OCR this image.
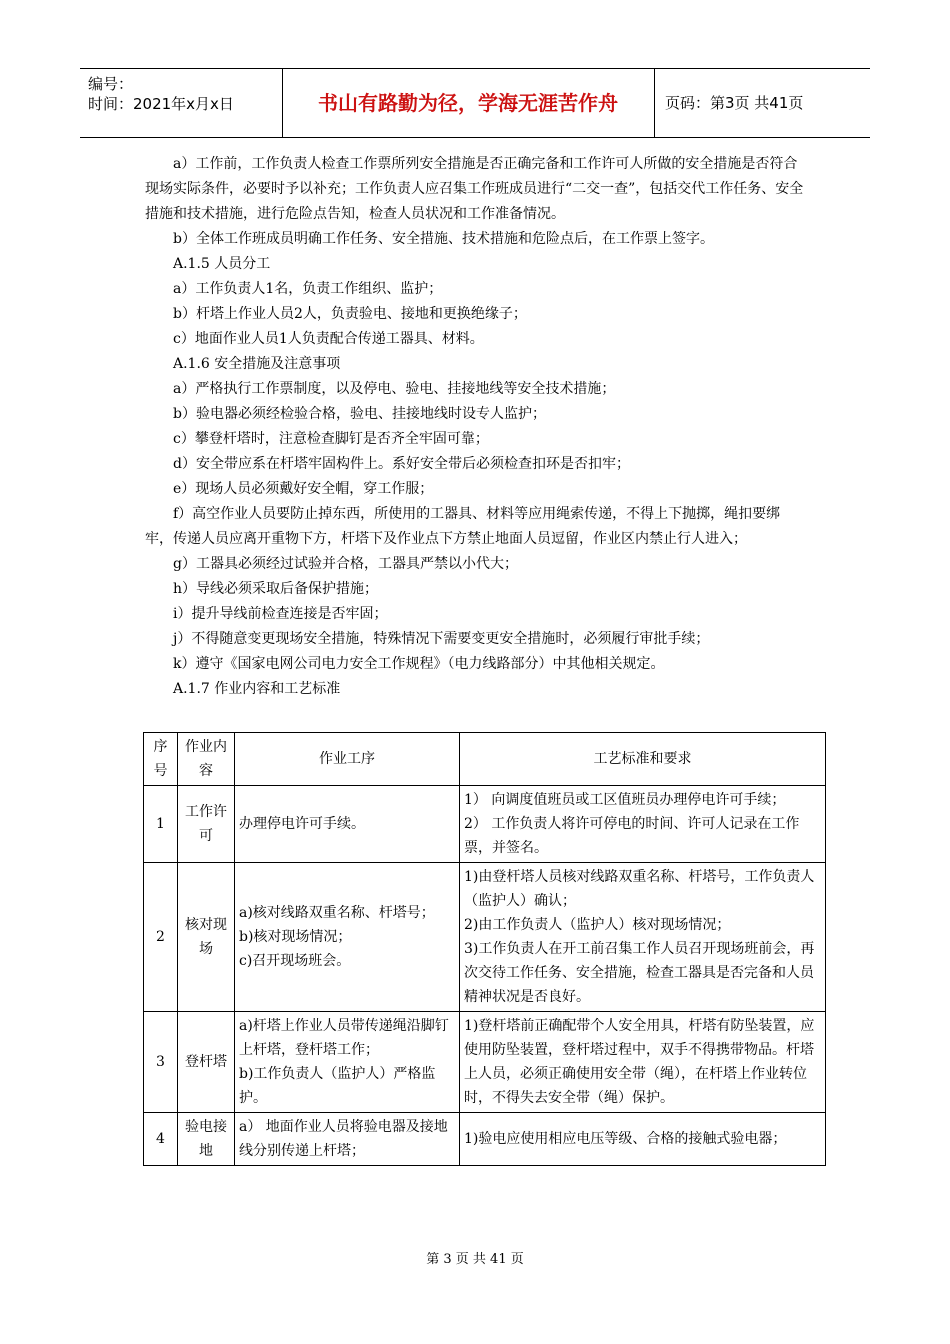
编号：
时间：2021年x月x日	书山有路勤为径，学海无涯苦作舟	页码：第3页 共41页

a）工作前，工作负责人检查工作票所列安全措施是否正确完备和工作许可人所做的安全措施是否符合现场实际条件，必要时予以补充；工作负责人应召集工作班成员进行“二交一查”，包括交代工作任务、安全措施和技术措施，进行危险点告知，检查人员状况和工作准备情况。

b）全体工作班成员明确工作任务、安全措施、技术措施和危险点后，在工作票上签字。

A.1.5 人员分工

a）工作负责人1名，负责工作组织、监护；

b）杆塔上作业人员2人，负责验电、接地和更换绝缘子；

c）地面作业人员1人负责配合传递工器具、材料。

A.1.6 安全措施及注意事项

a）严格执行工作票制度，以及停电、验电、挂接地线等安全技术措施；

b）验电器必须经检验合格，验电、挂接地线时设专人监护；

c）攀登杆塔时，注意检查脚钉是否齐全牢固可靠；

d）安全带应系在杆塔牢固构件上。系好安全带后必须检查扣环是否扣牢；

e）现场人员必须戴好安全帽，穿工作服；

f）高空作业人员要防止掉东西，所使用的工器具、材料等应用绳索传递，不得上下抛掷，绳扣要绑牢，传递人员应离开重物下方，杆塔下及作业点下方禁止地面人员逗留，作业区内禁止行人进入；

g）工器具必须经过试验并合格，工器具严禁以小代大；

h）导线必须采取后备保护措施；

i）提升导线前检查连接是否牢固；

j）不得随意变更现场安全措施，特殊情况下需要变更安全措施时，必须履行审批手续；

k）遵守《国家电网公司电力安全工作规程》（电力线路部分）中其他相关规定。

A.1.7 作业内容和工艺标准

序号	作业内容	作业工序	工艺标准和要求
1	工作许可	办理停电许可手续。	1） 向调度值班员或工区值班员办理停电许可手续；
2） 工作负责人将许可停电的时间、许可人记录在工作票，并签名。
2	核对现场	a)核对线路双重名称、杆塔号；
b)核对现场情况；
c)召开现场班会。	1)由登杆塔人员核对线路双重名称、杆塔号，工作负责人（监护人）确认；
2)由工作负责人（监护人）核对现场情况；
3)工作负责人在开工前召集工作人员召开现场班前会，再次交待工作任务、安全措施，检查工器具是否完备和人员精神状况是否良好。
3	登杆塔	a)杆塔上作业人员带传递绳沿脚钉上杆塔，登杆塔工作；
b)工作负责人（监护人）严格监护。	1)登杆塔前正确配带个人安全用具，杆塔有防坠装置，应使用防坠装置，登杆塔过程中，双手不得携带物品。杆塔上人员，必须正确使用安全带（绳），在杆塔上作业转位时，不得失去安全带（绳）保护。
4	验电接地	a） 地面作业人员将验电器及接地线分别传递上杆塔；	1)验电应使用相应电压等级、合格的接触式验电器；
第 3 页 共 41 页
